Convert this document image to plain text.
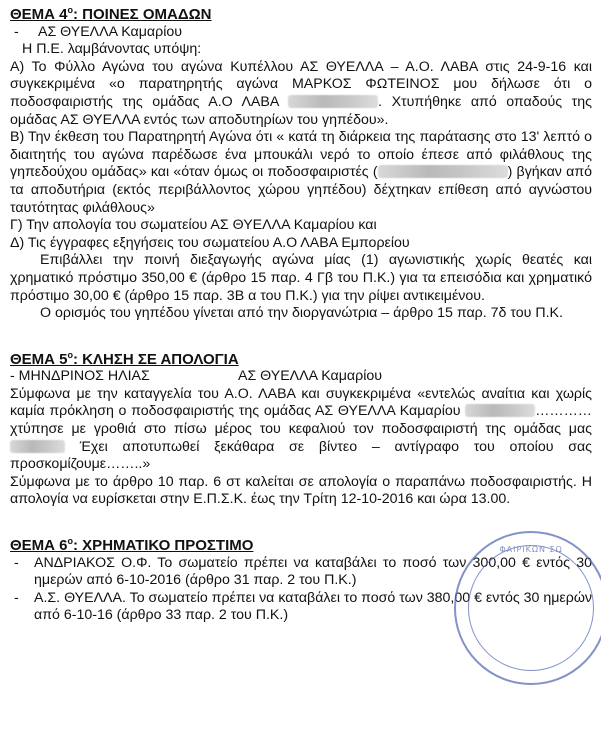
ΘΕΜΑ $4^o$: ΠΟΙΝΕΣ ΟΜΑΔΩΝ

-	ΑΣ ΘΥΕΛΛΑ Καμαρίου

Η Π.Ε. λαμβάνοντας υπόψη:

Α) Το Φύλλο Αγώνα του αγώνα Κυπέλλου ΑΣ ΘΥΕΛΛΑ – Α.Ο. ΛΑΒΑ στις 24-9-16 και συγκεκριμένα «ο παρατηρητής αγώνα ΜΑΡΚΟΣ ΦΩΤΕΙΝΟΣ μου δήλωσε ότι ο ποδοσφαιριστής της ομάδας Α.Ο ΛΑΒΑ	. Χτυπήθηκε από οπαδούς της ομάδας ΑΣ ΘΥΕΛΛΑ εντός των αποδυτηρίων του γηπέδου».

Β) Την έκθεση του Παρατηρητή Αγώνα ότι « κατά τη διάρκεια της παράτασης στο 13' λεπτό ο διαιτητής του αγώνα παρέδωσε ένα μπουκάλι νερό το οποίο έπεσε από φιλάθλους της γηπεδούχου ομάδας» και «όταν όμως οι ποδοσφαιριστές (	) βγήκαν από τα αποδυτήρια (εκτός περιβάλλοντος χώρου γηπέδου) δέχτηκαν επίθεση από αγνώστου ταυτότητας φιλάθλους»

Γ) Την απολογία του σωματείου ΑΣ ΘΥΕΛΛΑ Καμαρίου και

Δ) Τις έγγραφες εξηγήσεις του σωματείου Α.Ο ΛΑΒΑ Εμπορείου

Επιβάλλει την ποινή διεξαγωγής αγώνα μίας (1) αγωνιστικής χωρίς θεατές και χρηματικό πρόστιμο 350,00 € (άρθρο 15 παρ. 4 Γβ του Π.Κ.) για τα επεισόδια και χρηματικό πρόστιμο 30,00 € (άρθρο 15 παρ. 3Β α του Π.Κ.) για την ρίψει αντικειμένου.

Ο ορισμός του γηπέδου γίνεται από την διοργανώτρια – άρθρο 15 παρ. 7δ του Π.Κ.

ΘΕΜΑ $5^o$: ΚΛΗΣΗ ΣΕ ΑΠΟΛΟΓΙΑ

- ΜΗΝΔΡΙΝΟΣ ΗΛΙΑΣ	ΑΣ ΘΥΕΛΛΑ Καμαρίου

Σύμφωνα με την καταγγελία του Α.Ο. ΛΑΒΑ και συγκεκριμένα «εντελώς αναίτια και χωρίς καμία πρόκληση ο ποδοσφαιριστής της ομάδας ΑΣ ΘΥΕΛΛΑ Καμαρίου	…………χτύπησε με γροθιά στο πίσω μέρος του κεφαλιού τον ποδοσφαιριστή της ομάδας μας  Έχει αποτυπωθεί ξεκάθαρα σε βίντεο – αντίγραφο του οποίου σας προσκομίζουμε……..»

Σύμφωνα με το άρθρο 10 παρ. 6 στ καλείται σε απολογία ο παραπάνω ποδοσφαιριστής. Η απολογία να ευρίσκεται στην Ε.Π.Σ.Κ. έως την Τρίτη 12-10-2016 και ώρα 13.00.

ΘΕΜΑ $6^o$: ΧΡΗΜΑΤΙΚΟ ΠΡΟΣΤΙΜΟ

-	ΑΝΔΡΙΑΚΟΣ Ο.Φ. Το σωματείο πρέπει να καταβάλει το ποσό των 300,00 € εντός 30 ημερών από 6-10-2016 (άρθρο 31 παρ. 2 του Π.Κ.)
-	Α.Σ. ΘΥΕΛΛΑ. Το σωματείο πρέπει να καταβάλει το ποσό των 380,00 € εντός 30 ημερών από 6-10-16 (άρθρο 33 παρ. 2 του Π.Κ.)
ΦΑΙΡΙΚΩΝ ΣΩ
